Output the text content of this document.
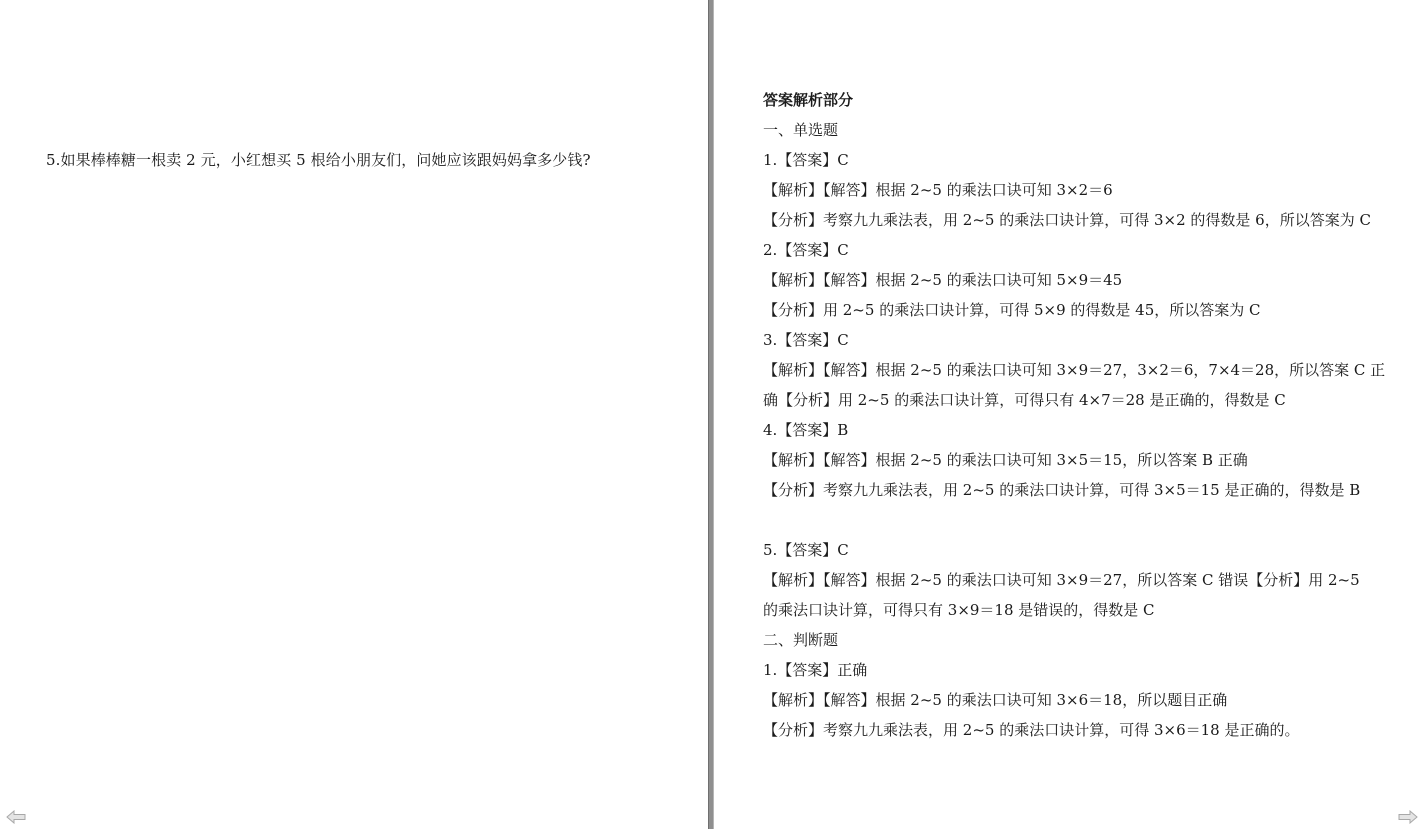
5.如果棒棒糖一根卖 2 元，小红想买 5 根给小朋友们，问她应该跟妈妈拿多少钱?
答案解析部分
一、单选题
1.【答案】C
【解析】【解答】根据 2~5 的乘法口诀可知 3×2＝6
【分析】考察九九乘法表，用 2~5 的乘法口诀计算，可得 3×2 的得数是 6，所以答案为 C
2.【答案】C
【解析】【解答】根据 2~5 的乘法口诀可知 5×9＝45
【分析】用 2~5 的乘法口诀计算，可得 5×9 的得数是 45，所以答案为 C
3.【答案】C
【解析】【解答】根据 2~5 的乘法口诀可知 3×9＝27，3×2＝6，7×4＝28，所以答案 C 正
确【分析】用 2~5 的乘法口诀计算，可得只有 4×7＝28 是正确的，得数是 C
4.【答案】B
【解析】【解答】根据 2~5 的乘法口诀可知 3×5＝15，所以答案 B 正确
【分析】考察九九乘法表，用 2~5 的乘法口诀计算，可得 3×5＝15 是正确的，得数是 B
5.【答案】C
【解析】【解答】根据 2~5 的乘法口诀可知 3×9＝27，所以答案 C 错误【分析】用 2~5
的乘法口诀计算，可得只有 3×9＝18 是错误的，得数是 C
二、判断题
1.【答案】正确
【解析】【解答】根据 2~5 的乘法口诀可知 3×6＝18，所以题目正确
【分析】考察九九乘法表，用 2~5 的乘法口诀计算，可得 3×6＝18 是正确的。
